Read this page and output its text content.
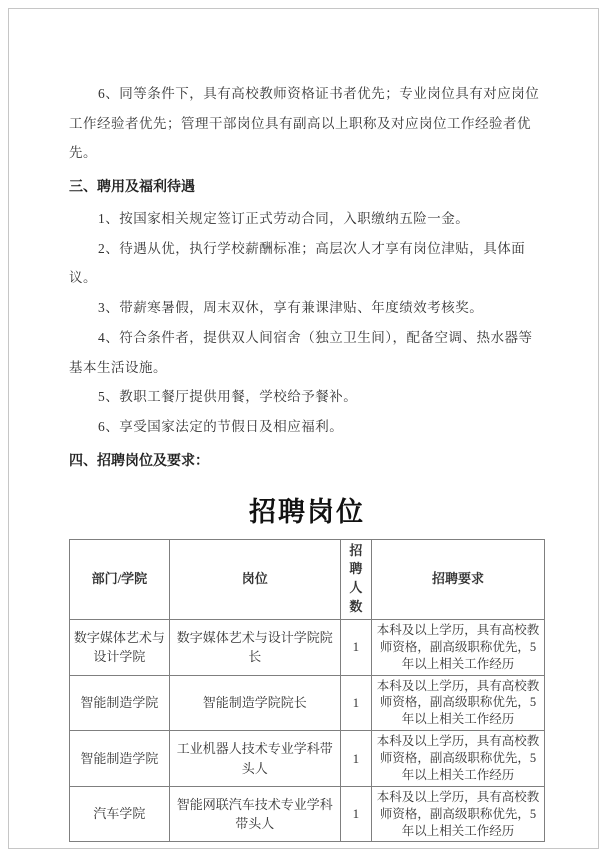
6、同等条件下，具有高校教师资格证书者优先；专业岗位具有对应岗位工作经验者优先；管理干部岗位具有副高以上职称及对应岗位工作经验者优先。

三、聘用及福利待遇

1、按国家相关规定签订正式劳动合同，入职缴纳五险一金。

2、待遇从优，执行学校薪酬标准；高层次人才享有岗位津贴，具体面议。

3、带薪寒暑假，周末双休，享有兼课津贴、年度绩效考核奖。

4、符合条件者，提供双人间宿舍（独立卫生间），配备空调、热水器等基本生活设施。

5、教职工餐厅提供用餐，学校给予餐补。

6、享受国家法定的节假日及相应福利。

四、招聘岗位及要求：
招聘岗位
部门/学院	岗位	招聘人数	招聘要求
数字媒体艺术与设计学院	数字媒体艺术与设计学院院长	1	本科及以上学历，具有高校教师资格，副高级职称优先，5 年以上相关工作经历
智能制造学院	智能制造学院院长	1	本科及以上学历，具有高校教师资格，副高级职称优先，5 年以上相关工作经历
智能制造学院	工业机器人技术专业学科带头人	1	本科及以上学历，具有高校教师资格，副高级职称优先，5 年以上相关工作经历
汽车学院	智能网联汽车技术专业学科带头人	1	本科及以上学历，具有高校教师资格，副高级职称优先，5 年以上相关工作经历
